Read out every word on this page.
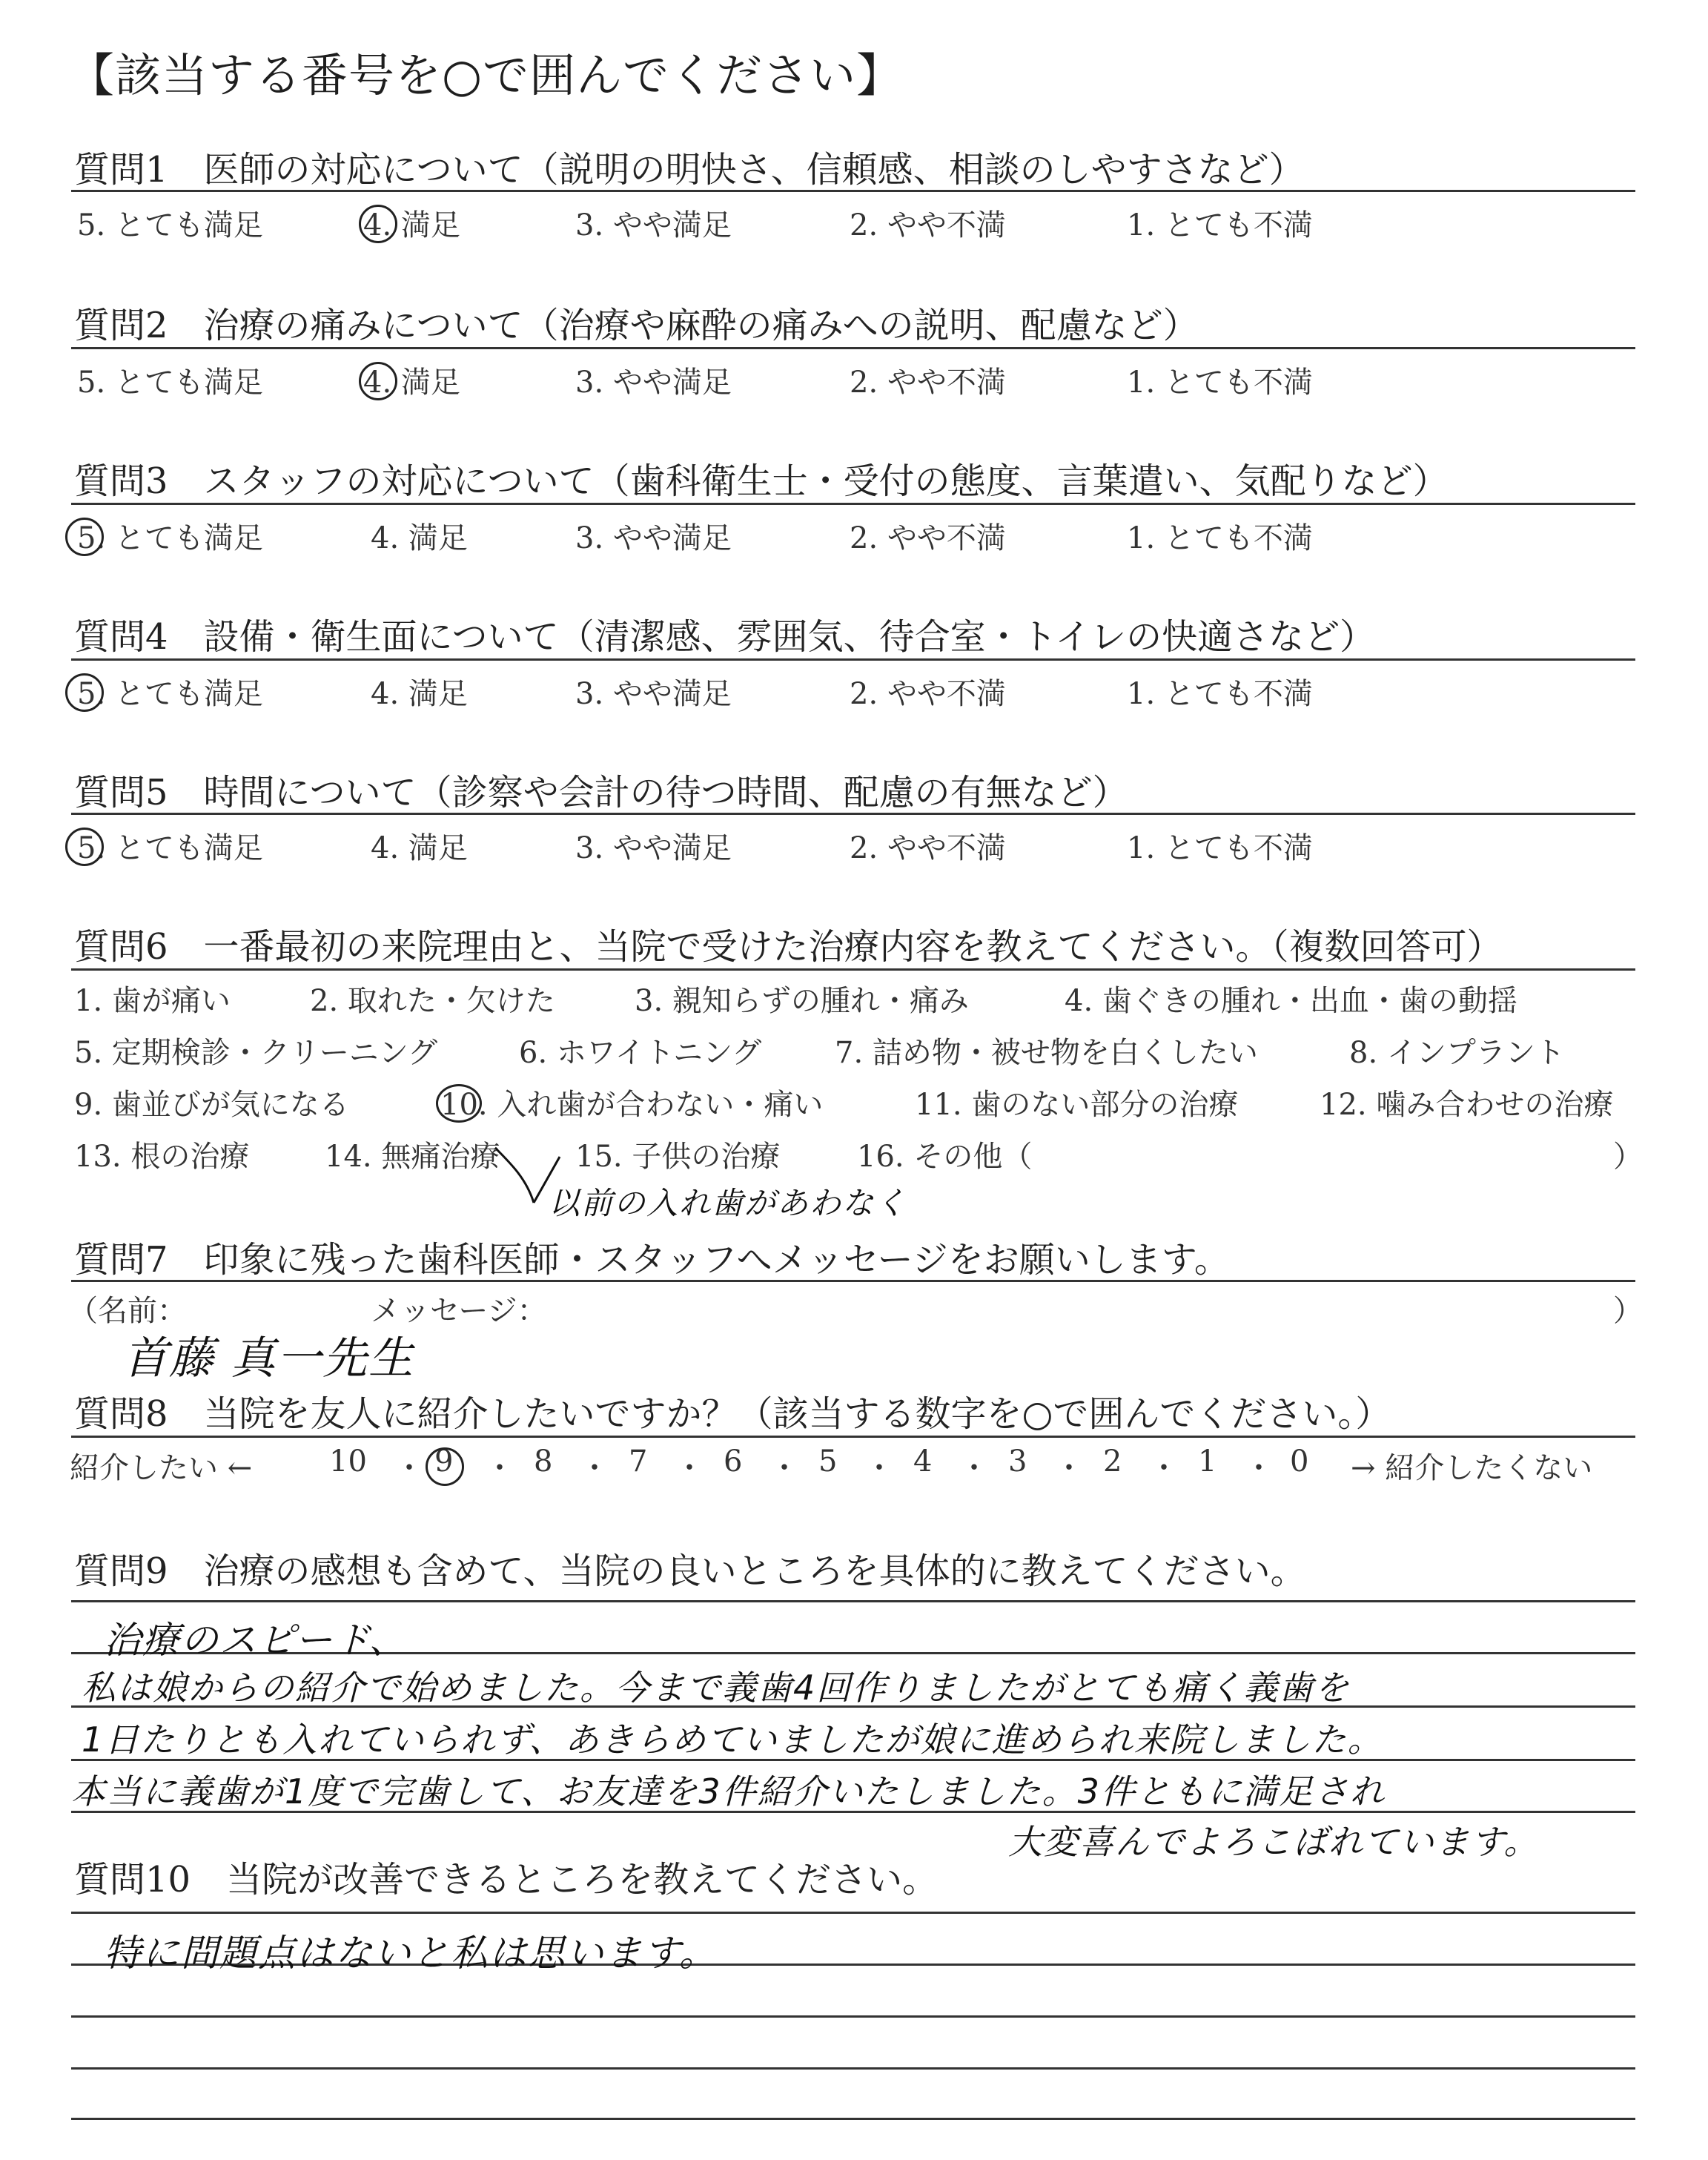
【該当する番号を○で囲んでください】
質問1　医師の対応について（説明の明快さ、信頼感、相談のしやすさなど）
5. とても満足	4. 満足	3. やや満足	2. やや不満	1. とても不満
質問2　治療の痛みについて（治療や麻酔の痛みへの説明、配慮など）
5. とても満足	4. 満足	3. やや満足	2. やや不満	1. とても不満
質問3　スタッフの対応について（歯科衛生士・受付の態度、言葉遣い、気配りなど）
5. とても満足	4. 満足	3. やや満足	2. やや不満	1. とても不満
質問4　設備・衛生面について（清潔感、雰囲気、待合室・トイレの快適さなど）
5. とても満足	4. 満足	3. やや満足	2. やや不満	1. とても不満
質問5　時間について（診察や会計の待つ時間、配慮の有無など）
5. とても満足	4. 満足	3. やや満足	2. やや不満	1. とても不満
質問6　一番最初の来院理由と、当院で受けた治療内容を教えてください。（複数回答可）
1. 歯が痛い	2. 取れた・欠けた	3. 親知らずの腫れ・痛み	4. 歯ぐきの腫れ・出血・歯の動揺
5. 定期検診・クリーニング	6. ホワイトニング 7. 詰め物・被せ物を白くしたい	8. インプラント
9. 歯並びが気になる	10. 入れ歯が合わない・痛い	11. 歯のない部分の治療	12. 噛み合わせの治療
13. 根の治療	14. 無痛治療	15. 子供の治療	16. その他（	）
以前の入れ歯があわなく
質問7　印象に残った歯科医師・スタッフへメッセージをお願いします。
（名前：	メッセージ：	）
首藤 真一先生
質問8　当院を友人に紹介したいですか？（該当する数字を○で囲んでください。）
紹介したい ←	→ 紹介したくない
10 9	8	7	6	5	4	3	2	1 0
・ ・ ・ ・ ・ ・ ・ ・ ・ ・
質問9　治療の感想も含めて、当院の良いところを具体的に教えてください。
治療のスピード、
私は娘からの紹介で始めました。今まで義歯4回作りましたがとても痛く義歯を
1日たりとも入れていられず、あきらめていましたが娘に進められ来院しました。
本当に義歯が1度で完歯して、お友達を3件紹介いたしました。3件ともに満足され
大変喜んでよろこばれています。
質問10　当院が改善できるところを教えてください。
特に問題点はないと私は思います。
